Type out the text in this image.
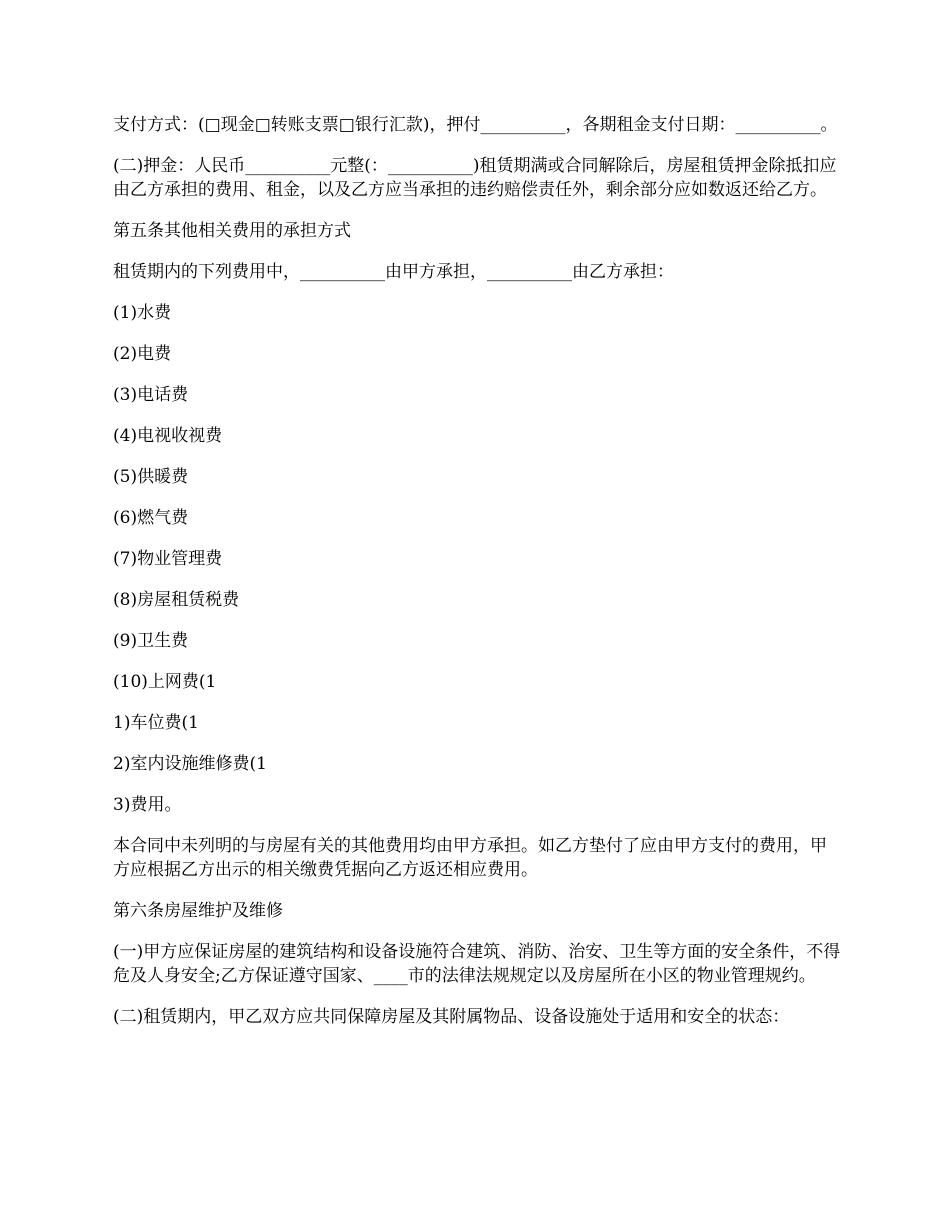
支付方式：(□现金□转账支票□银行汇款)，押付__________，各期租金支付日期：__________。

(二)押金：人民币__________元整(：__________)租赁期满或合同解除后，房屋租赁押金除抵扣应由乙方承担的费用、租金，以及乙方应当承担的违约赔偿责任外，剩余部分应如数返还给乙方。

第五条其他相关费用的承担方式

租赁期内的下列费用中，__________由甲方承担，__________由乙方承担：

(1)水费

(2)电费

(3)电话费

(4)电视收视费

(5)供暖费

(6)燃气费

(7)物业管理费

(8)房屋租赁税费

(9)卫生费

(10)上网费(1

1)车位费(1

2)室内设施维修费(1

3)费用。

本合同中未列明的与房屋有关的其他费用均由甲方承担。如乙方垫付了应由甲方支付的费用，甲方应根据乙方出示的相关缴费凭据向乙方返还相应费用。

第六条房屋维护及维修

(一)甲方应保证房屋的建筑结构和设备设施符合建筑、消防、治安、卫生等方面的安全条件，不得危及人身安全;乙方保证遵守国家、____市的法律法规规定以及房屋所在小区的物业管理规约。

(二)租赁期内，甲乙双方应共同保障房屋及其附属物品、设备设施处于适用和安全的状态：
